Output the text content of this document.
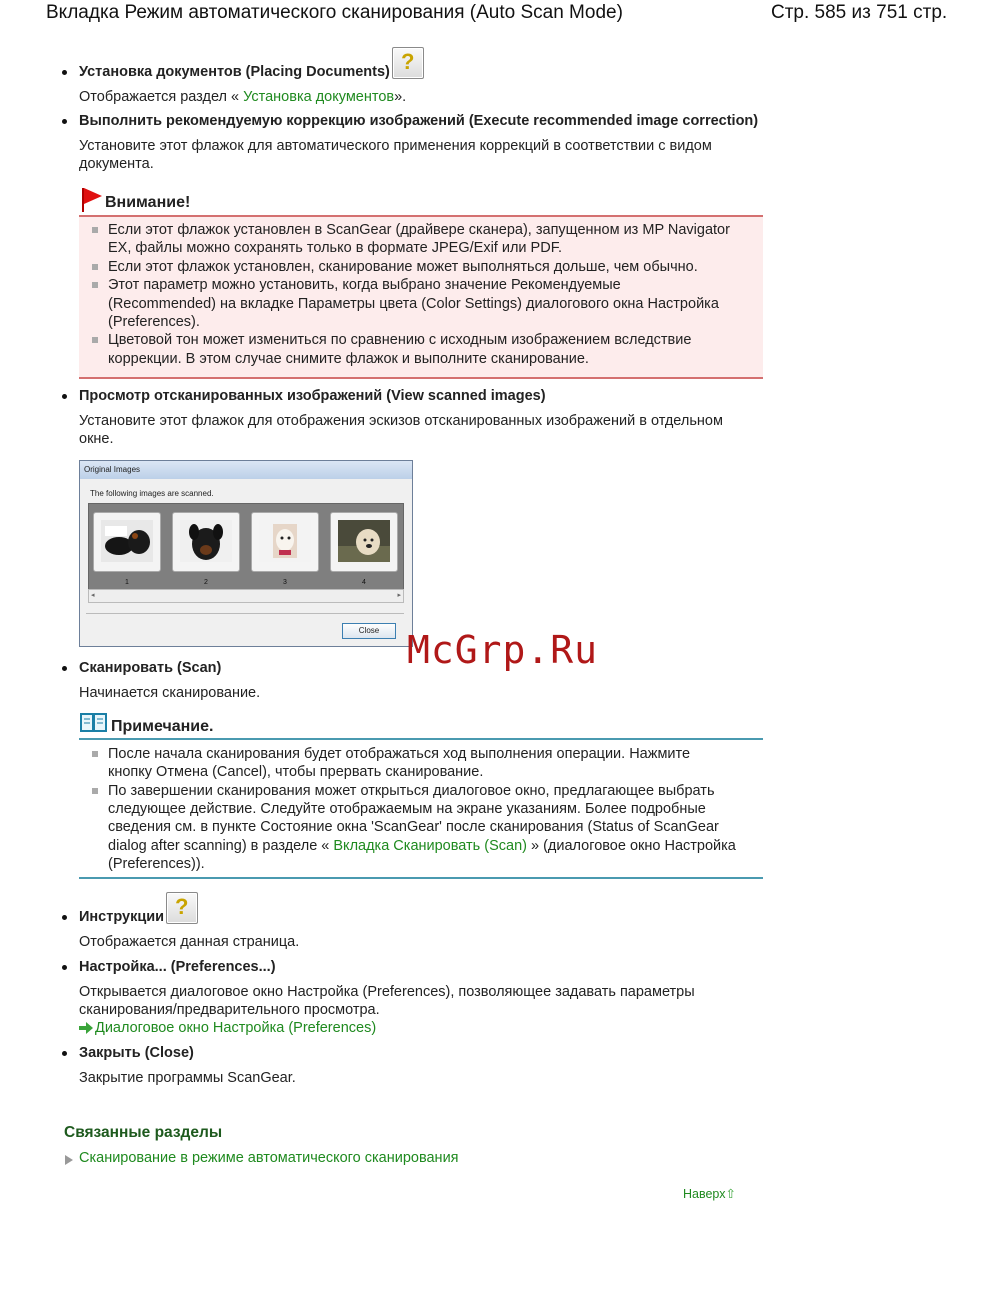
Вкладка Режим автоматического сканирования (Auto Scan Mode)	Стр. 585 из 751 стр.
Установка документов (Placing Documents) ?
Отображается раздел « Установка документов».
Выполнить рекомендуемую коррекцию изображений (Execute recommended image correction)
Установите этот флажок для автоматического применения коррекций в соответствии с видом
документа.
Внимание!
Если этот флажок установлен в ScanGear (драйвере сканера), запущенном из MP Navigator
EX, файлы можно сохранять только в формате JPEG/Exif или PDF.
Если этот флажок установлен, сканирование может выполняться дольше, чем обычно.
Этот параметр можно установить, когда выбрано значение Рекомендуемые
(Recommended) на вкладке Параметры цвета (Color Settings) диалогового окна Настройка
(Preferences).
Цветовой тон может измениться по сравнению с исходным изображением вследствие
коррекции. В этом случае снимите флажок и выполните сканирование.
Просмотр отсканированных изображений (View scanned images)
Установите этот флажок для отображения эскизов отсканированных изображений в отдельном
окне.
Original Images
The following images are scanned.
1	2	3	4
◂	▸
Close McGrp.Ru
Сканировать (Scan)
Начинается сканирование.
Примечание.
После начала сканирования будет отображаться ход выполнения операции. Нажмите
кнопку Отмена (Cancel), чтобы прервать сканирование.
По завершении сканирования может открыться диалоговое окно, предлагающее выбрать
следующее действие. Следуйте отображаемым на экране указаниям. Более подробные
сведения см. в пункте Состояние окна 'ScanGear' после сканирования (Status of ScanGear
dialog after scanning) в разделе « Вкладка Сканировать (Scan) » (диалоговое окно Настройка
(Preferences)).
Инструкции ?
Отображается данная страница.
Настройка... (Preferences...)
Открывается диалоговое окно Настройка (Preferences), позволяющее задавать параметры
сканирования/предварительного просмотра.
Диалоговое окно Настройка (Preferences)
Закрыть (Close)
Закрытие программы ScanGear.
Связанные разделы
Сканирование в режиме автоматического сканирования
Наверх⇧
